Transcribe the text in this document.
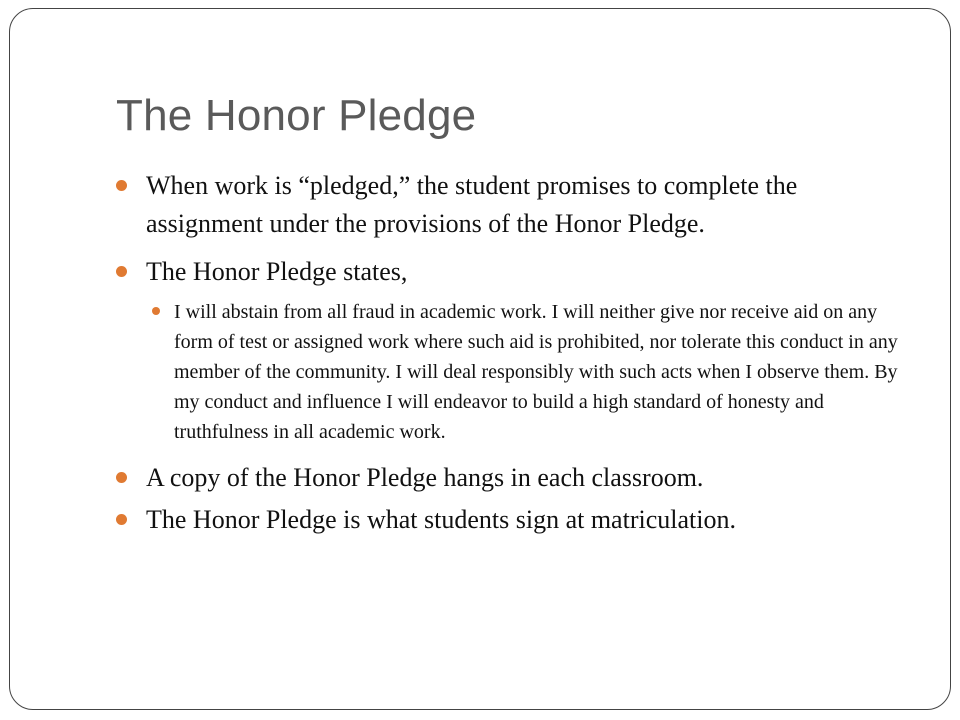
The Honor Pledge
When work is “pledged,” the student promises to complete the assignment under the provisions of the Honor Pledge.
The Honor Pledge states,
I will abstain from all fraud in academic work. I will neither give nor receive aid on any form of test or assigned work where such aid is prohibited, nor tolerate this conduct in any member of the community. I will deal responsibly with such acts when I observe them. By my conduct and influence I will endeavor to build a high standard of honesty and truthfulness in all academic work.
A copy of the Honor Pledge hangs in each classroom.
The Honor Pledge is what students sign at matriculation.
